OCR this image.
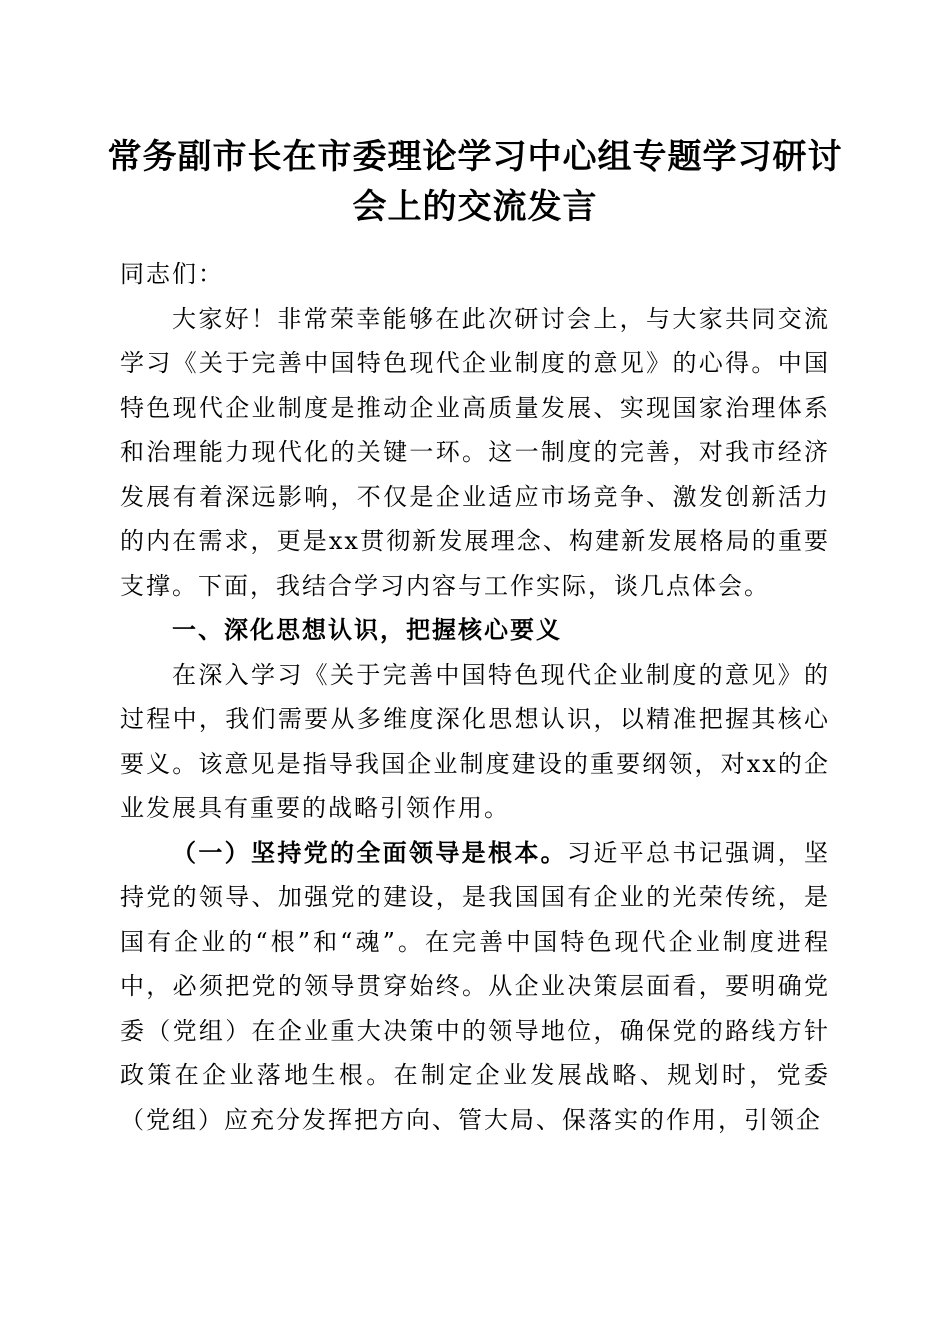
常务副市长在市委理论学习中心组专题学习研讨会上的交流发言

同志们：

大家好！非常荣幸能够在此次研讨会上，与大家共同交流学习《关于完善中国特色现代企业制度的意见》的心得。中国特色现代企业制度是推动企业高质量发展、实现国家治理体系和治理能力现代化的关键一环。这一制度的完善，对我市经济发展有着深远影响，不仅是企业适应市场竞争、激发创新活力的内在需求，更是xx贯彻新发展理念、构建新发展格局的重要支撑。下面，我结合学习内容与工作实际，谈几点体会。

一、深化思想认识，把握核心要义

在深入学习《关于完善中国特色现代企业制度的意见》的过程中，我们需要从多维度深化思想认识，以精准把握其核心要义。该意见是指导我国企业制度建设的重要纲领，对xx的企业发展具有重要的战略引领作用。

（一）坚持党的全面领导是根本。习近平总书记强调，坚持党的领导、加强党的建设，是我国国有企业的光荣传统，是国有企业的“根”和“魂”。在完善中国特色现代企业制度进程中，必须把党的领导贯穿始终。从企业决策层面看，要明确党委（党组）在企业重大决策中的领导地位，确保党的路线方针政策在企业落地生根。在制定企业发展战略、规划时，党委（党组）应充分发挥把方向、管大局、保落实的作用，引领企
